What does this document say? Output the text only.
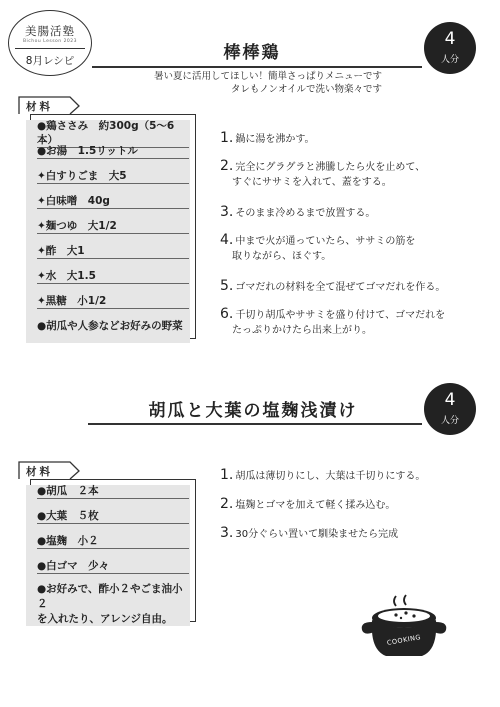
美腸活塾
Bichou Lesson 2023
8月レシピ	棒棒鶏
4
人分
暑い夏に活用してほしい！簡単さっぱりメニューです
タレもノンオイルで洗い物楽々です
材料
●鶏ささみ　約300g（5～6本）
●お湯　1.5リットル
✦白すりごま　大5
✦白味噌　40g
✦麺つゆ　大1/2
✦酢　大1
✦水　大1.5
✦黒糖　小1/2
●胡瓜や人参などお好みの野菜
1. 鍋に湯を沸かす。
2. 完全にグラグラと沸騰したら火を止めて、
すぐにササミを入れて、蓋をする。
3. そのまま冷めるまで放置する。
4. 中まで火が通っていたら、ササミの筋を
取りながら、ほぐす。
5. ゴマだれの材料を全て混ぜてゴマだれを作る。
6. 千切り胡瓜やササミを盛り付けて、ゴマだれを
たっぷりかけたら出来上がり。
胡瓜と大葉の塩麹浅漬け
4
人分
材料
●胡瓜　２本
●大葉　５枚
●塩麹　小２
●白ゴマ　少々
●お好みで、酢小２やごま油小２
を入れたり、アレンジ自由。
1. 胡瓜は薄切りにし、大葉は千切りにする。
2. 塩麹とゴマを加えて軽く揉み込む。
3. 30分ぐらい置いて馴染ませたら完成
COOKING
